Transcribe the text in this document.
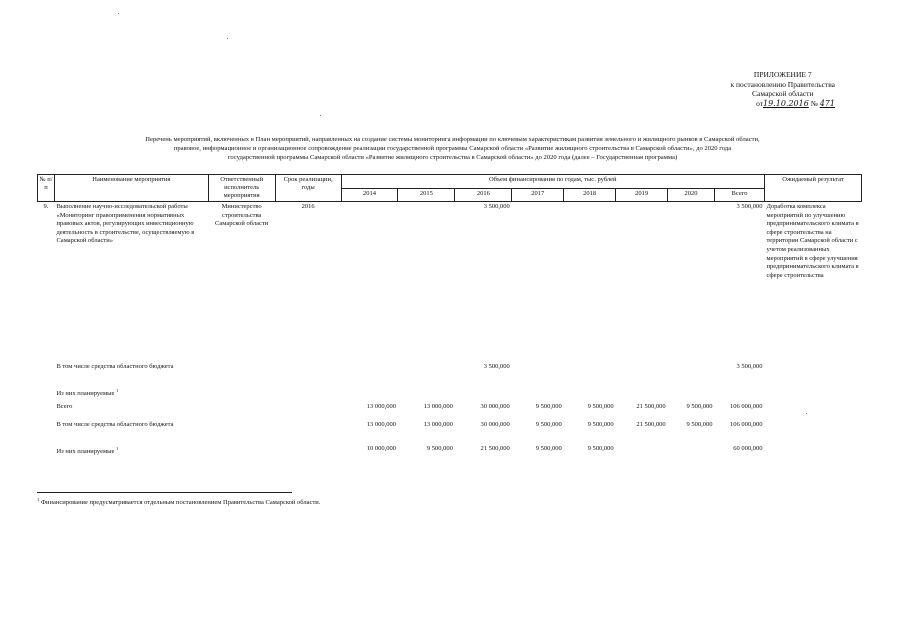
ПРИЛОЖЕНИЕ 7
к постановлению Правительства
Самарской области
от19.10.2016 № 471
Перечень мероприятий, включенных в План мероприятий, направленных на создание системы мониторинга информации по ключевым характеристикам развития земельного и жилищного рынков в Самарской области,
правовое, информационное и организационное сопровождение реализации государственной программы Самарской области «Развитие жилищного строительства в Самарской области», до 2020 года
государственной программы Самарской области «Развитие жилищного строительства в Самарской области» до 2020 года (далее – Государственная программа)
№ п/п	Наименование мероприятия	Ответственный исполнитель мероприятия	Срок реализации, годы	Объем финансирования по годам, тыс. рублей								Ожидаемый результат
				2014	2015	2016	2017	2018	2019	2020	Всего	
9.	Выполнение научно-исследовательской работы «Мониторинг правоприменения нормативных правовых актов, регулирующих инвестиционную деятельность в строительстве, осуществляемую в Самарской области»	Министерство строительства Самарской области	2016			3 500,000					3 500,000	Доработка комплекса мероприятий по улучшению предпринимательского климата в сфере строительства на территории Самарской области с учетом реализованных мероприятий в сфере улучшения предпринимательского климата в сфере строительства
	В том числе средства областного бюджета					3 500,000					3 500,000	
	Из них планируемые $^1$											
	Всего			13 000,000	13 000,000	30 000,000	9 500,000	9 500,000	21 500,000	9 500,000	106 000,000	
	В том числе средства областного бюджета			13 000,000	13 000,000	30 000,000	9 500,000	9 500,000	21 500,000	9 500,000	106 000,000	
	Из них планируемые $^1$			10 000,000	9 500,000	21 500,000	9 500,000	9 500,000			60 000,000	
$^1$ Финансирование предусматривается отдельным постановлением Правительства Самарской области.
